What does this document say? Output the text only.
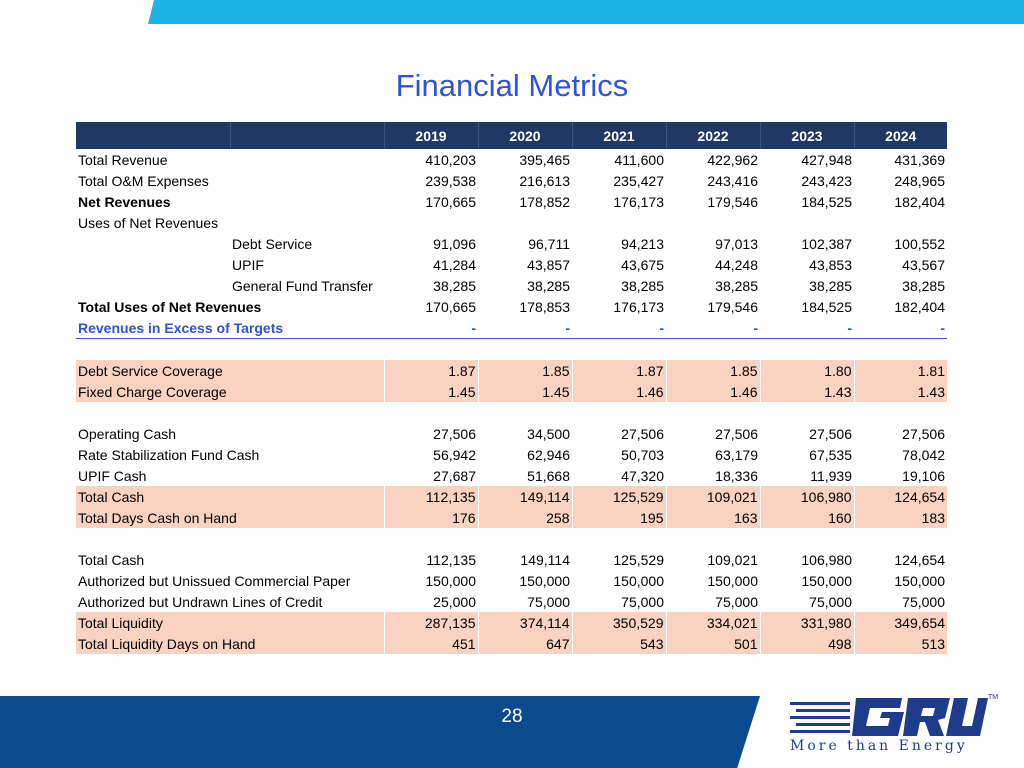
Financial Metrics
		2019	2020	2021	2022	2023	2024
Total Revenue		410,203	395,465	411,600	422,962	427,948	431,369
Total O&M Expenses		239,538	216,613	235,427	243,416	243,423	248,965
Net Revenues		170,665	178,852	176,173	179,546	184,525	182,404
Uses of Net Revenues							
	Debt Service	91,096	96,711	94,213	97,013	102,387	100,552
	UPIF	41,284	43,857	43,675	44,248	43,853	43,567
	General Fund Transfer	38,285	38,285	38,285	38,285	38,285	38,285
Total Uses of Net Revenues		170,665	178,853	176,173	179,546	184,525	182,404
Revenues in Excess of Targets		-	-	-	-	-	-

Debt Service Coverage		1.87	1.85	1.87	1.85	1.80	1.81
Fixed Charge Coverage		1.45	1.45	1.46	1.46	1.43	1.43

Operating Cash		27,506	34,500	27,506	27,506	27,506	27,506
Rate Stabilization Fund Cash		56,942	62,946	50,703	63,179	67,535	78,042
UPIF Cash		27,687	51,668	47,320	18,336	11,939	19,106
Total Cash		112,135	149,114	125,529	109,021	106,980	124,654
Total Days Cash on Hand		176	258	195	163	160	183

Total Cash		112,135	149,114	125,529	109,021	106,980	124,654
Authorized but Unissued Commercial Paper		150,000	150,000	150,000	150,000	150,000	150,000
Authorized but Undrawn Lines of Credit		25,000	75,000	75,000	75,000	75,000	75,000
Total Liquidity		287,135	374,114	350,529	334,021	331,980	349,654
Total Liquidity Days on Hand		451	647	543	501	498	513
28
TM
More than Energy
